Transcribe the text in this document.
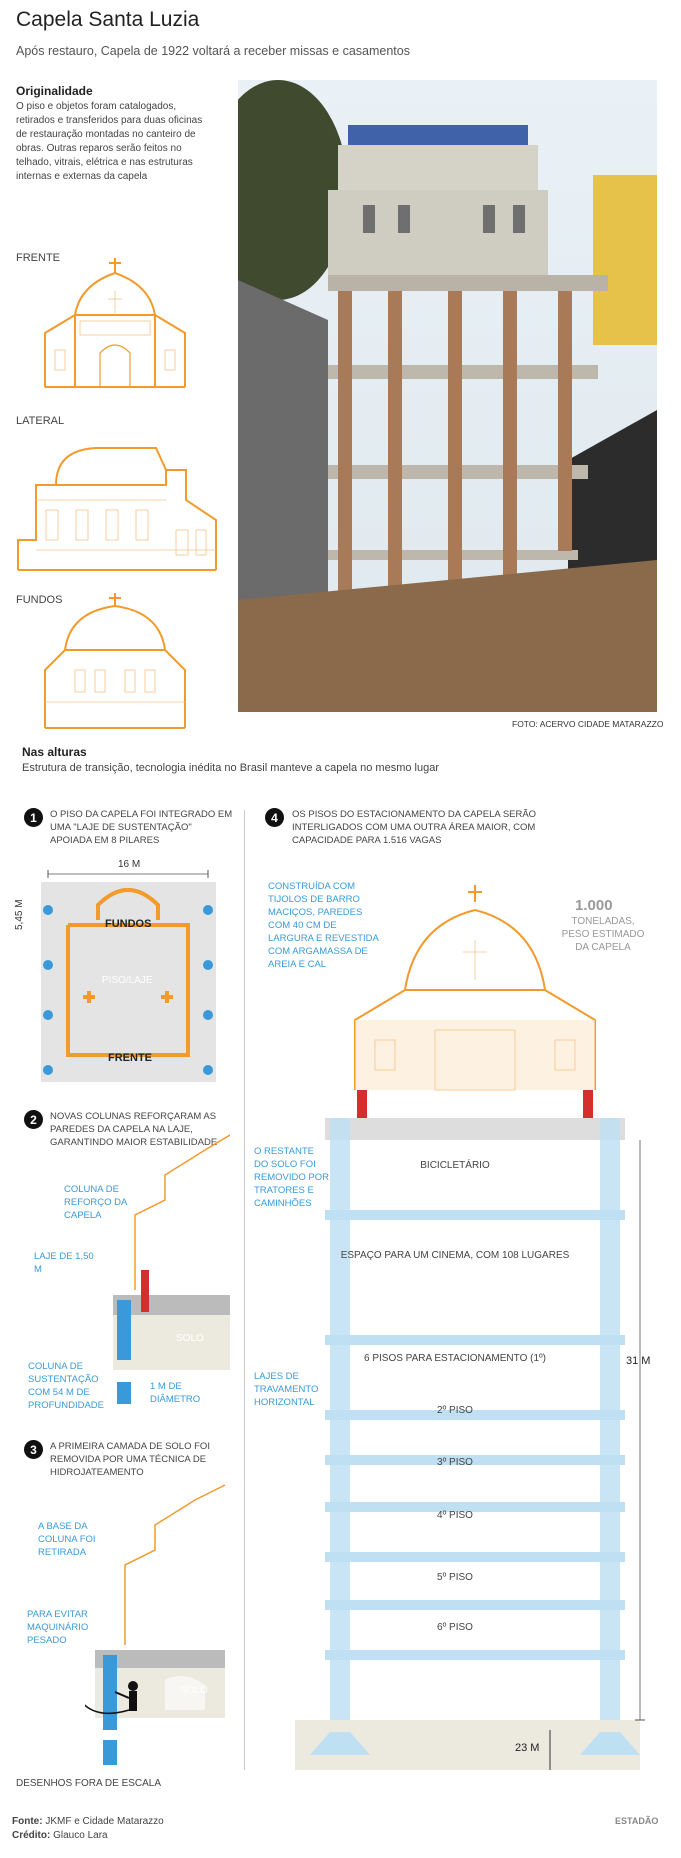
Capela Santa Luzia
Após restauro, Capela de 1922 voltará a receber missas e casamentos
Originalidade
O piso e objetos foram catalogados, retirados e transferidos para duas oficinas de restauração montadas no canteiro de obras. Outras reparos serão feitos no telhado, vitrais, elétrica e nas estruturas internas e externas da capela
FRENTE
LATERAL
FUNDOS
FOTO: ACERVO CIDADE MATARAZZO
Nas alturas
Estrutura de transição, tecnologia inédita no Brasil manteve a capela no mesmo lugar
1	O PISO DA CAPELA FOI INTEGRADO EM UMA "LAJE DE SUSTENTAÇÃO" APOIADA EM 8 PILARES
16 M
5,45 M	FUNDOS
PISO/LAJE
FRENTE
2	NOVAS COLUNAS REFORÇARAM AS PAREDES DA CAPELA NA LAJE, GARANTINDO MAIOR ESTABILIDADE
SOLO
COLUNA DE REFORÇO DA CAPELA
LAJE DE 1,50 M
COLUNA DE SUSTENTAÇÃO COM 54 M DE PROFUNDIDADE
1 M DE DIÂMETRO
3	A PRIMEIRA CAMADA DE SOLO FOI REMOVIDA POR UMA TÉCNICA DE HIDROJATEAMENTO
SOLO
A BASE DA COLUNA FOI RETIRADA
PARA EVITAR MAQUINÁRIO PESADO
4	OS PISOS DO ESTACIONAMENTO DA CAPELA SERÃO INTERLIGADOS COM UMA OUTRA ÁREA MAIOR, COM CAPACIDADE PARA 1.516 VAGAS
CONSTRUÍDA COM TIJOLOS DE BARRO MACIÇOS, PAREDES COM 40 CM DE LARGURA E REVESTIDA COM ARGAMASSA DE AREIA E CAL
1.000
TONELADAS, PESO ESTIMADO DA CAPELA
O RESTANTE DO SOLO FOI REMOVIDO POR TRATORES E CAMINHÕES
LAJES DE TRAVAMENTO HORIZONTAL
BICICLETÁRIO
ESPAÇO PARA UM CINEMA, COM 108 LUGARES
6 PISOS PARA ESTACIONAMENTO (1º)
2º PISO
3º PISO
4º PISO
5º PISO
6º PISO
SOLO
31 M
23 M
DESENHOS FORA DE ESCALA
Fonte: JKMF e Cidade Matarazzo
Crédito: Glauco Lara
ESTADÃO
